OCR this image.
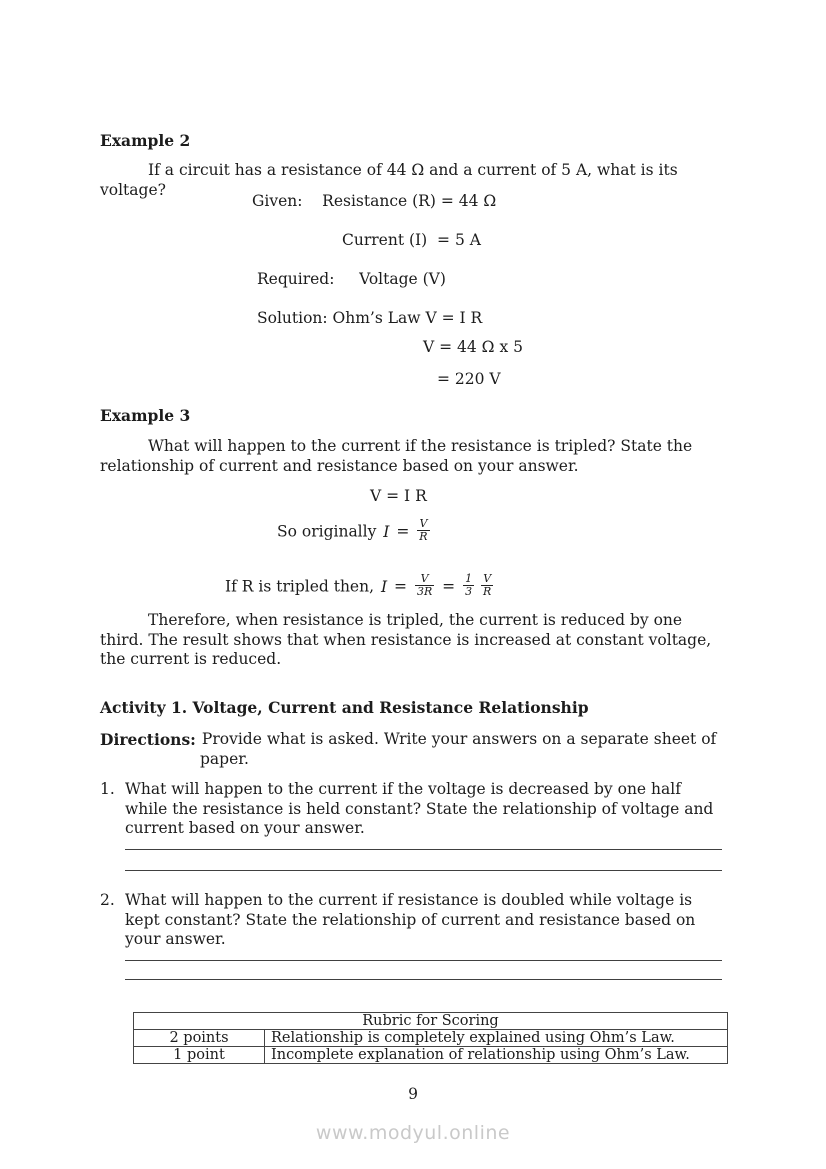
Example 2
If a circuit has a resistance of 44 Ω and a current of 5 A, what is its voltage?
Given:    Resistance (R) = 44 Ω
Current (I)  = 5 A
Required:     Voltage (V)
Solution: Ohm’s Law V = I R
V = 44 Ω x 5
= 220 V
Example 3
What will happen to the current if the resistance is tripled? State the relationship of current and resistance based on your answer.
V = I R
So originally $I = \frac{V}{R}$
If R is tripled then, $I = \frac{V}{3R} = \frac{1}{3} \frac{V}{R}$
Therefore, when resistance is tripled, the current is reduced by one third. The result shows that when resistance is increased at constant voltage, the current is reduced.
Activity 1. Voltage, Current and Resistance Relationship
Directions: Provide what is asked. Write your answers on a separate sheet of
paper.
1. What will happen to the current if the voltage is decreased by one half while the resistance is held constant? State the relationship of voltage and current based on your answer.
2. What will happen to the current if resistance is doubled while voltage is kept constant? State the relationship of current and resistance based on your answer.
Rubric for Scoring	
2 points	Relationship is completely explained using Ohm’s Law.
1 point	Incomplete explanation of relationship using Ohm’s Law.
9
www.modyul.online
